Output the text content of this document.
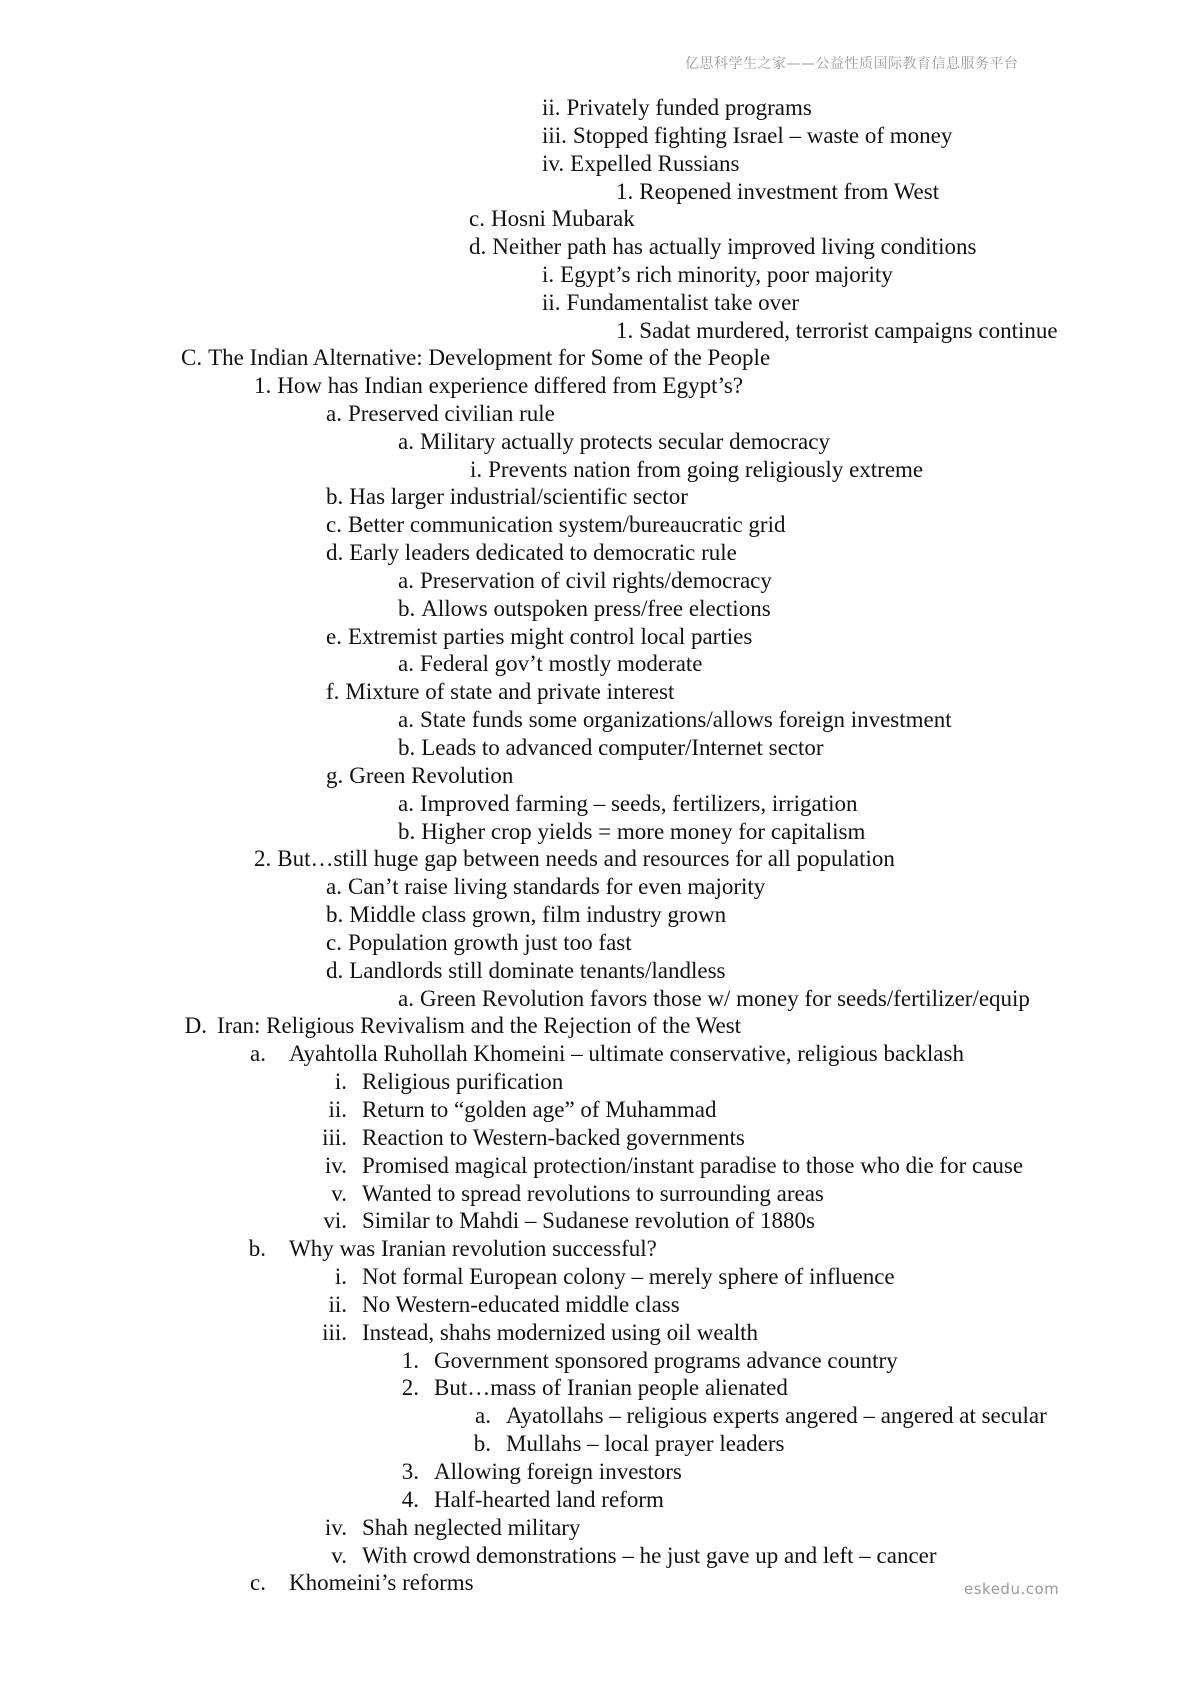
亿思科学生之家——公益性质国际教育信息服务平台
ii. Privately funded programs
iii. Stopped fighting Israel – waste of money
iv. Expelled Russians
1. Reopened investment from West
c. Hosni Mubarak
d. Neither path has actually improved living conditions
i. Egypt’s rich minority, poor majority
ii. Fundamentalist take over
1. Sadat murdered, terrorist campaigns continue
C. The Indian Alternative: Development for Some of the People
1. How has Indian experience differed from Egypt’s?
a. Preserved civilian rule
a. Military actually protects secular democracy
i. Prevents nation from going religiously extreme
b. Has larger industrial/scientific sector
c. Better communication system/bureaucratic grid
d. Early leaders dedicated to democratic rule
a. Preservation of civil rights/democracy
b. Allows outspoken press/free elections
e. Extremist parties might control local parties
a. Federal gov’t mostly moderate
f. Mixture of state and private interest
a. State funds some organizations/allows foreign investment
b. Leads to advanced computer/Internet sector
g. Green Revolution
a. Improved farming – seeds, fertilizers, irrigation
b. Higher crop yields = more money for capitalism
2. But…still huge gap between needs and resources for all population
a. Can’t raise living standards for even majority
b. Middle class grown, film industry grown
c. Population growth just too fast
d. Landlords still dominate tenants/landless
a. Green Revolution favors those w/ money for seeds/fertilizer/equip
D. Iran: Religious Revivalism and the Rejection of the West
a. Ayahtolla Ruhollah Khomeini – ultimate conservative, religious backlash
i. Religious purification
ii. Return to “golden age” of Muhammad
iii. Reaction to Western-backed governments
iv. Promised magical protection/instant paradise to those who die for cause
v. Wanted to spread revolutions to surrounding areas
vi. Similar to Mahdi – Sudanese revolution of 1880s
b. Why was Iranian revolution successful?
i. Not formal European colony – merely sphere of influence
ii. No Western-educated middle class
iii. Instead, shahs modernized using oil wealth
1. Government sponsored programs advance country
2. But…mass of Iranian people alienated
a. Ayatollahs – religious experts angered – angered at secular
b. Mullahs – local prayer leaders
3. Allowing foreign investors
4. Half-hearted land reform
iv. Shah neglected military
v. With crowd demonstrations – he just gave up and left – cancer
c. Khomeini’s reforms	eskedu.com
